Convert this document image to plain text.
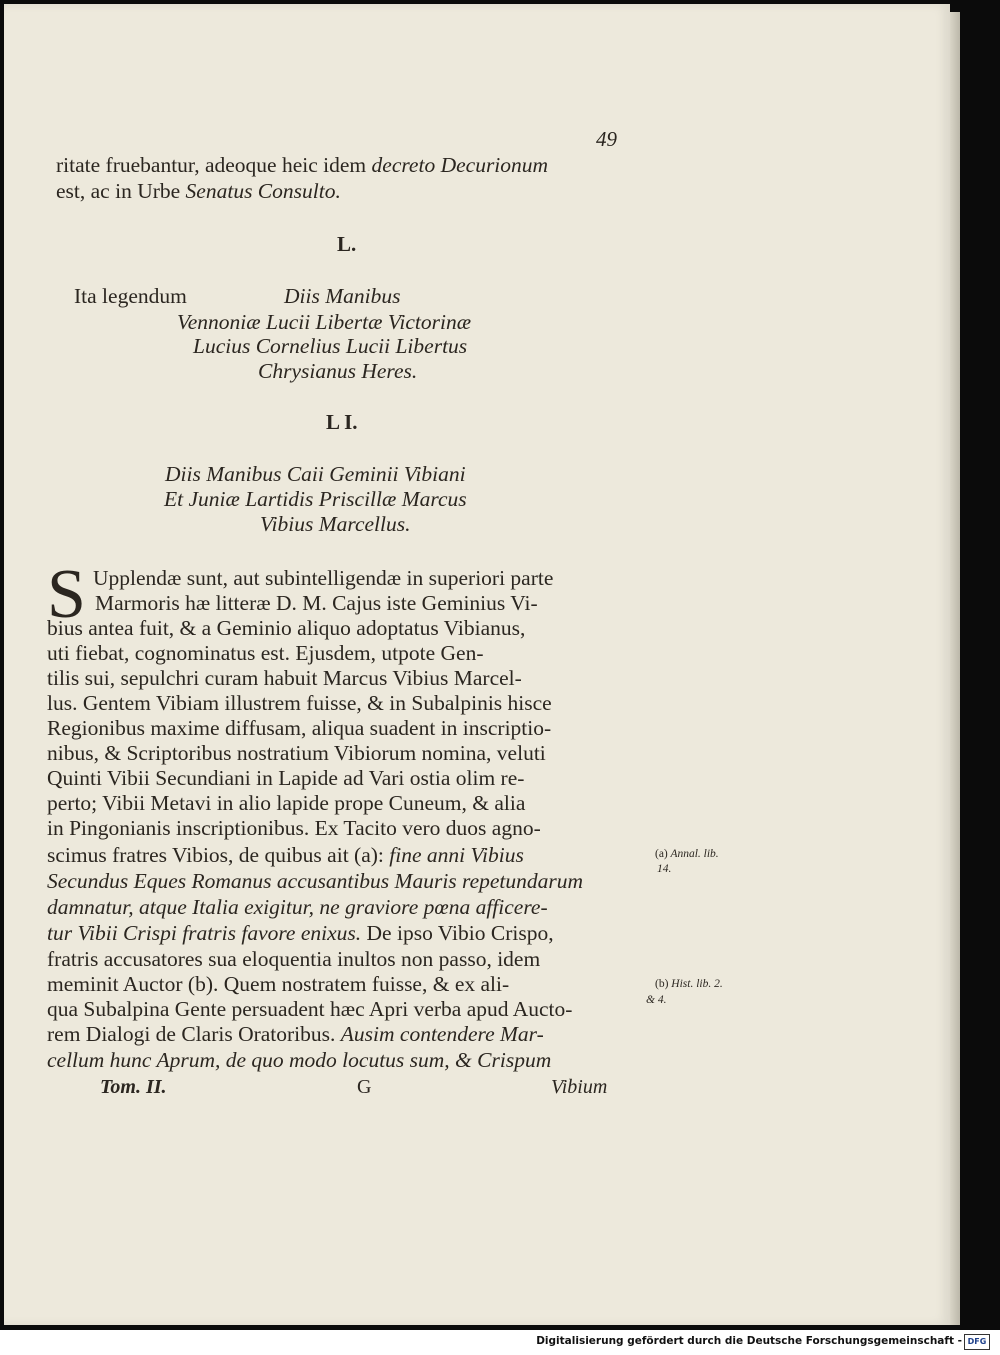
49
ritate fruebantur, adeoque heic idem decreto Decurionum
est, ac in Urbe Senatus Consulto.
L.
Ita legendum	Diis Manibus
Vennoniæ Lucii Libertæ Victorinæ
Lucius Cornelius Lucii Libertus
Chrysianus Heres.
L I.
Diis Manibus Caii Geminii Vibiani
Et Juniæ Lartidis Priscillæ Marcus
Vibius Marcellus.
S Upplendæ sunt, aut subintelligendæ in superiori parte
Marmoris hæ litteræ D. M. Cajus iste Geminius Vi-
bius antea fuit, & a Geminio aliquo adoptatus Vibianus,
uti fiebat, cognominatus est. Ejusdem, utpote Gen-
tilis sui, sepulchri curam habuit Marcus Vibius Marcel-
lus. Gentem Vibiam illustrem fuisse, & in Subalpinis hisce
Regionibus maxime diffusam, aliqua suadent in inscriptio-
nibus, & Scriptoribus nostratium Vibiorum nomina, veluti
Quinti Vibii Secundiani in Lapide ad Vari ostia olim re-
perto; Vibii Metavi in alio lapide prope Cuneum, & alia
in Pingonianis inscriptionibus. Ex Tacito vero duos agno-
scimus fratres Vibios, de quibus ait (a): fine anni Vibius
Secundus Eques Romanus accusantibus Mauris repetundarum
damnatur, atque Italia exigitur, ne graviore pœna afficere-
tur Vibii Crispi fratris favore enixus. De ipso Vibio Crispo,
fratris accusatores sua eloquentia inultos non passo, idem
meminit Auctor (b). Quem nostratem fuisse, & ex ali-
qua Subalpina Gente persuadent hæc Apri verba apud Aucto-
rem Dialogi de Claris Oratoribus. Ausim contendere Mar-
cellum hunc Aprum, de quo modo locutus sum, & Crispum
(a) Annal. lib.
14.
(b) Hist. lib. 2.
& 4.
Tom. II.	G	Vibium
Digitalisierung gefördert durch die Deutsche Forschungsgemeinschaft - DFG
